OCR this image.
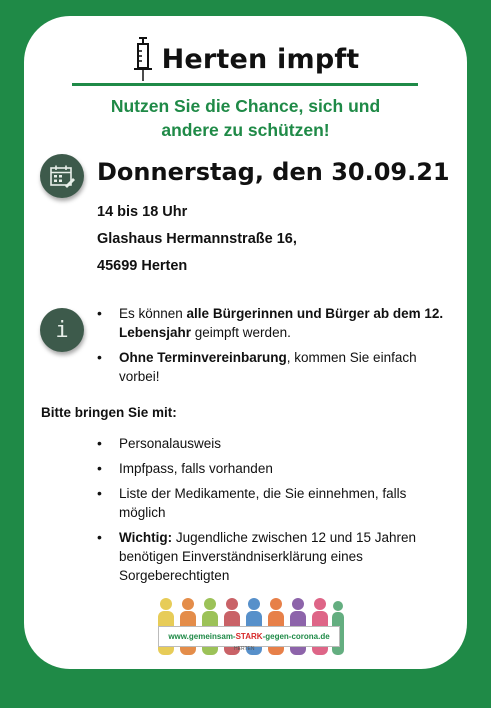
Herten impft
Nutzen Sie die Chance, sich und
andere zu schützen!
Donnerstag, den 30.09.21
14 bis 18 Uhr
Glashaus Hermannstraße 16,
45699 Herten
i
• Es können alle Bürgerinnen und Bürger ab dem 12. Lebensjahr geimpft werden.
• Ohne Terminvereinbarung, kommen Sie einfach vorbei!
Bitte bringen Sie mit:
• Personalausweis
• Impfpass, falls vorhanden
• Liste der Medikamente, die Sie einnehmen, falls möglich
• Wichtig: Jugendliche zwischen 12 und 15 Jahren benötigen Einverständniserklärung eines Sorgeberechtigten
www.gemeinsam- STARK -gegen-corona.de
HERTEN
